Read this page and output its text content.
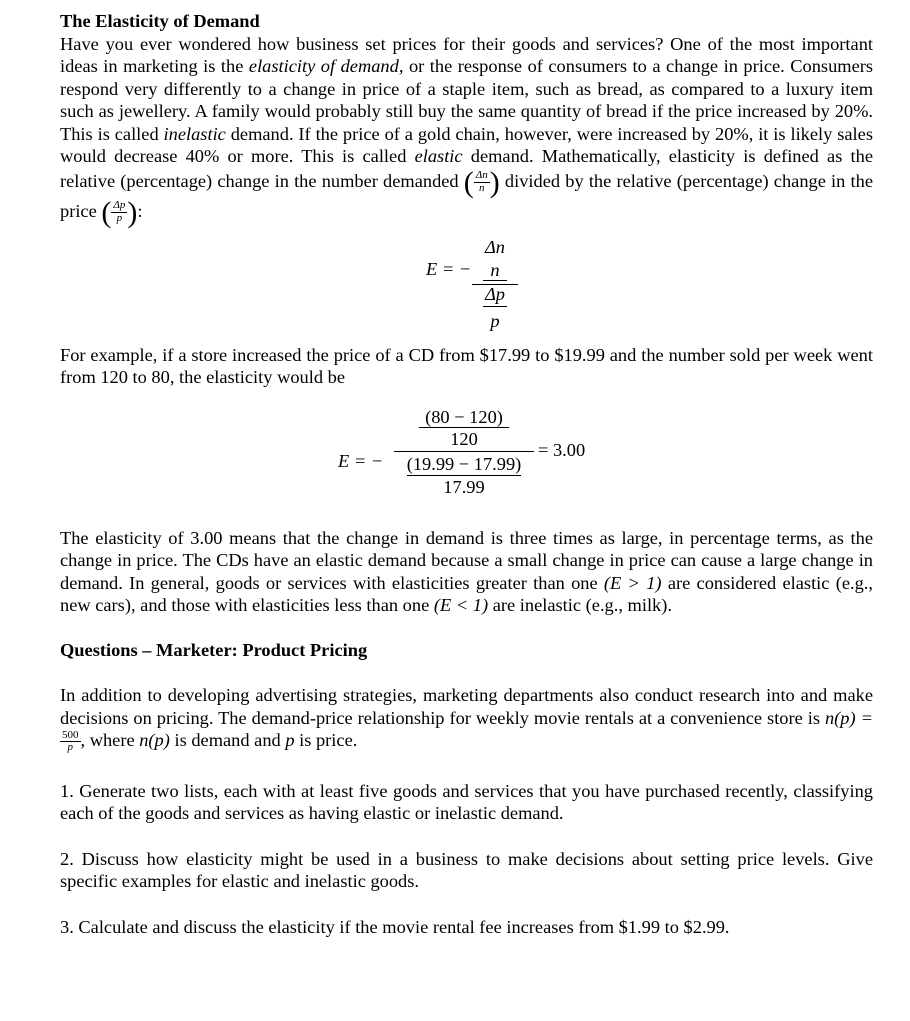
The Elasticity of Demand

Have you ever wondered how business set prices for their goods and services? One of the most important ideas in marketing is the elasticity of demand, or the response of consumers to a change in price. Consumers respond very differently to a change in price of a staple item, such as bread, as compared to a luxury item such as jewellery. A family would probably still buy the same quantity of bread if the price increased by 20%. This is called inelastic demand. If the price of a gold chain, however, were increased by 20%, it is likely sales would decrease 40% or more. This is called elastic demand. Mathematically, elasticity is defined as the relative (percentage) change in the number demanded ( $\frac{\Delta n}{n}$ ) divided by the relative (percentage) change in the price ( $\frac{\Delta p}{p}$ ):

E = −
Δn
n
$\frac{\Delta p}{p}$

For example, if a store increased the price of a CD from $17.99 to $19.99 and the number sold per week went from 120 to 80, the elasticity would be

E = −
$\frac{(80 - 120)}{120}$
$\frac{(19.99 - 17.99)}{17.99}$
= 3.00

The elasticity of 3.00 means that the change in demand is three times as large, in percentage terms, as the change in price. The CDs have an elastic demand because a small change in price can cause a large change in demand. In general, goods or services with elasticities greater than one (E > 1) are considered elastic (e.g., new cars), and those with elasticities less than one (E < 1) are inelastic (e.g., milk).

Questions – Marketer: Product Pricing

In addition to developing advertising strategies, marketing departments also conduct research into and make decisions on pricing. The demand-price relationship for weekly movie rentals at a convenience store is n(p) =
$\frac{500}{p}$ , where n(p) is demand and p is price.

1. Generate two lists, each with at least five goods and services that you have purchased recently, classifying each of the goods and services as having elastic or inelastic demand.

2. Discuss how elasticity might be used in a business to make decisions about setting price levels. Give specific examples for elastic and inelastic goods.

3. Calculate and discuss the elasticity if the movie rental fee increases from $1.99 to $2.99.
